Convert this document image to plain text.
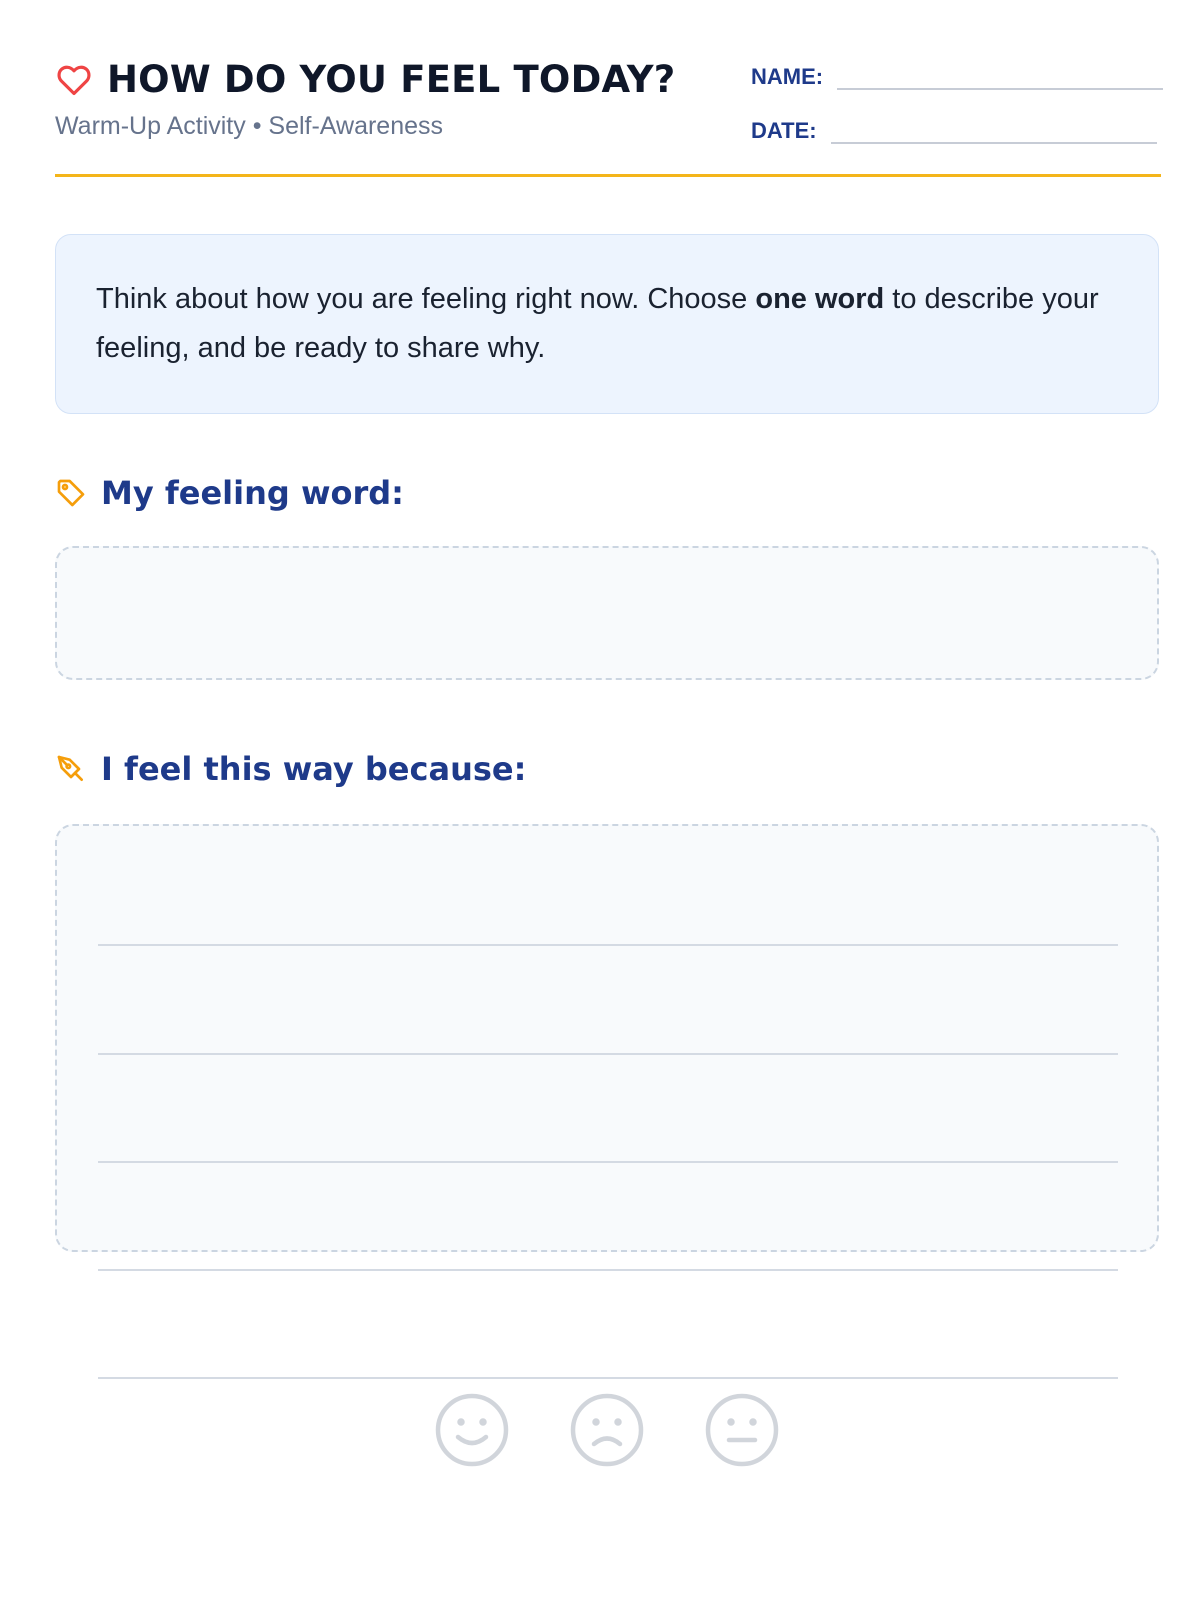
HOW DO YOU FEEL TODAY?
Warm-Up Activity • Self-Awareness
NAME:
DATE:
Think about how you are feeling right now. Choose one word to describe your feeling, and be ready to share why.
My feeling word:
I feel this way because:
